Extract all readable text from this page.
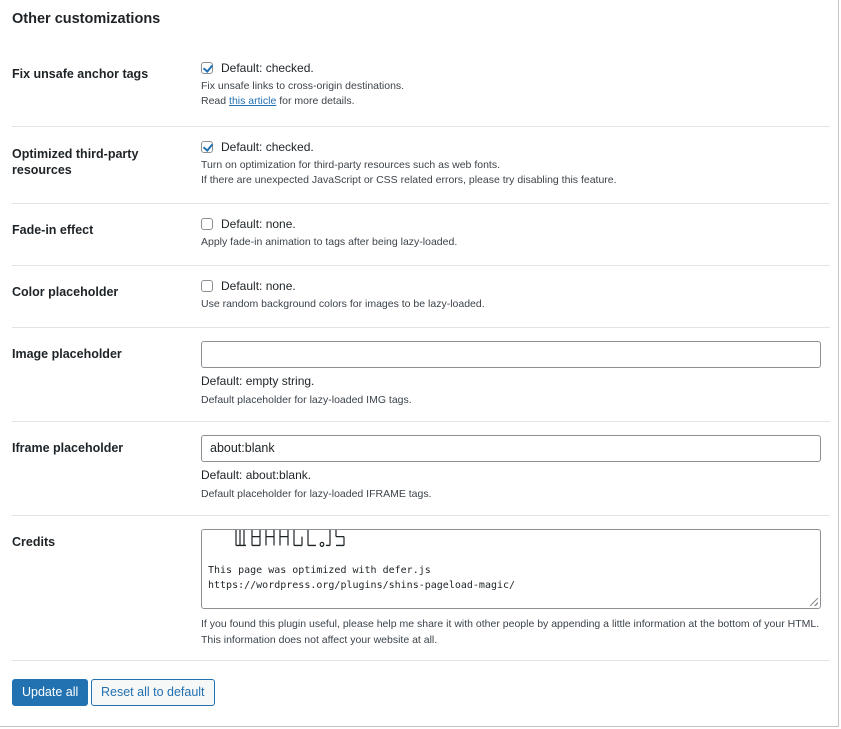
Other customizations
Fix unsafe anchor tags	Default: checked.

Fix unsafe links to cross-origin destinations.

Read this article for more details.

Optimized third-party resources
Default: checked.

Turn on optimization for third-party resources such as web fonts.

If there are unexpected JavaScript or CSS related errors, please try disabling this feature.

Fade-in effect	Default: none.

Apply fade-in animation to tags after being lazy-loaded.

Color placeholder	Default: none.

Use random background colors for images to be lazy-loaded.

Image placeholder
Default: empty string.

Default placeholder for lazy-loaded IMG tags.

Iframe placeholder	about:blank
Default: about:blank.

Default placeholder for lazy-loaded IFRAME tags.

Credits
This page was optimized with defer.js
https://wordpress.org/plugins/shins-pageload-magic/

If you found this plugin useful, please help me share it with other people by appending a little information at the bottom of your HTML. This information does not affect your website at all.

Update all	Reset all to default
